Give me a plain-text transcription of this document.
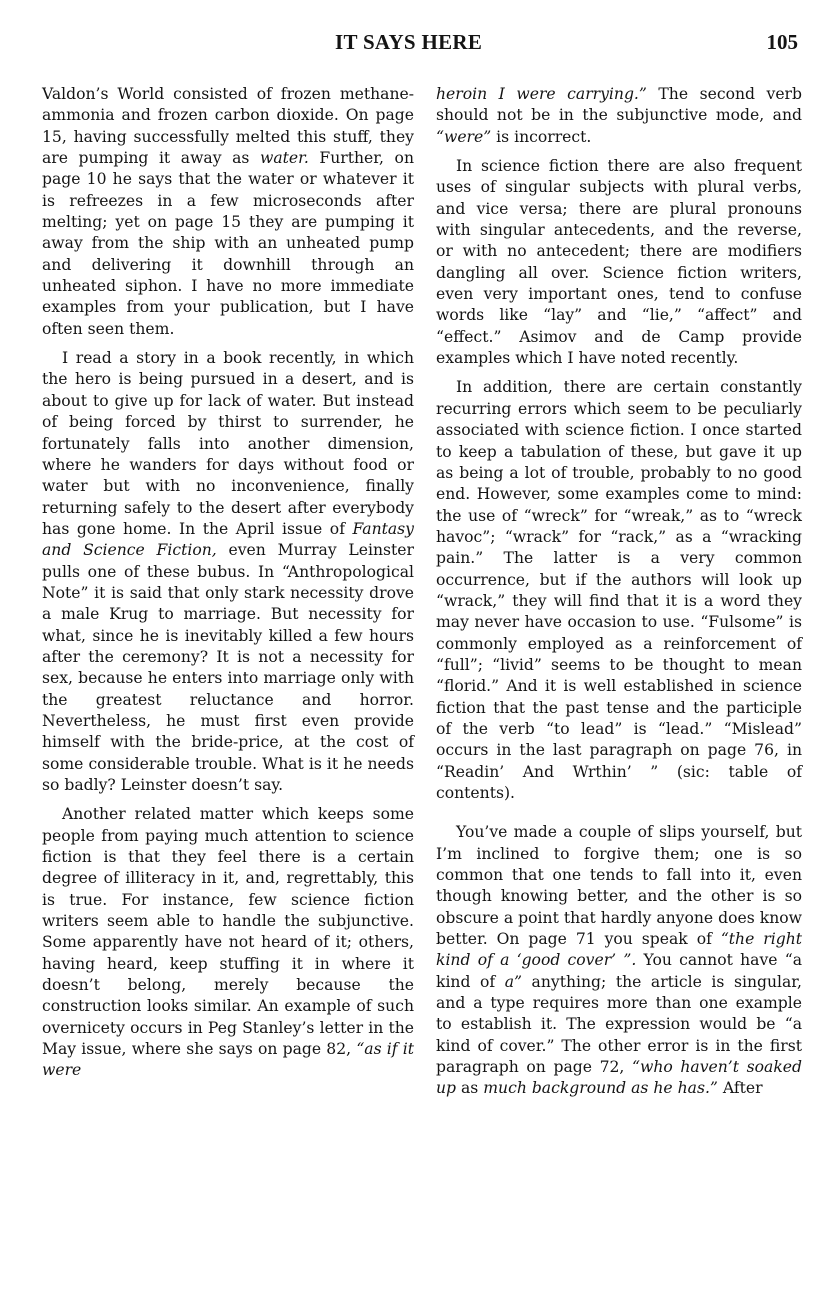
IT SAYS HERE	105

Valdon’s World consisted of frozen methane-ammonia and frozen carbon dioxide. On page 15, having successfully melted this stuff, they are pumping it away as water. Further, on page 10 he says that the water or whatever it is refreezes in a few microseconds after melting; yet on page 15 they are pumping it away from the ship with an unheated pump and delivering it downhill through an unheated siphon. I have no more immediate examples from your publication, but I have often seen them.

I read a story in a book recently, in which the hero is being pursued in a desert, and is about to give up for lack of water. But instead of being forced by thirst to surrender, he fortunately falls into another dimension, where he wanders for days without food or water but with no inconvenience, finally returning safely to the desert after everybody has gone home. In the April issue of Fantasy and Science Fiction, even Murray Leinster pulls one of these bubus. In “Anthropological Note” it is said that only stark necessity drove a male Krug to marriage. But necessity for what, since he is inevitably killed a few hours after the ceremony? It is not a necessity for sex, because he enters into marriage only with the greatest reluctance and horror. Nevertheless, he must first even provide himself with the bride-price, at the cost of some considerable trouble. What is it he needs so badly? Leinster doesn’t say.

Another related matter which keeps some people from paying much attention to science fiction is that they feel there is a certain degree of illiteracy in it, and, regrettably, this is true. For instance, few science fiction writers seem able to handle the subjunctive. Some apparently have not heard of it; others, having heard, keep stuffing it in where it doesn’t belong, merely because the construction looks similar. An example of such overnicety occurs in Peg Stanley’s letter in the May issue, where she says on page 82, “as if it were

heroin I were carrying.” The second verb should not be in the subjunctive mode, and “were” is incorrect.

In science fiction there are also frequent uses of singular subjects with plural verbs, and vice versa; there are plural pronouns with singular antecedents, and the reverse, or with no antecedent; there are modifiers dangling all over. Science fiction writers, even very important ones, tend to confuse words like “lay” and “lie,” “affect” and “effect.” Asimov and de Camp provide examples which I have noted recently.

In addition, there are certain constantly recurring errors which seem to be peculiarly associated with science fiction. I once started to keep a tabulation of these, but gave it up as being a lot of trouble, probably to no good end. However, some examples come to mind: the use of “wreck” for “wreak,” as to “wreck havoc”; “wrack” for “rack,” as a “wracking pain.” The latter is a very common occurrence, but if the authors will look up “wrack,” they will find that it is a word they may never have occasion to use. “Fulsome” is commonly employed as a reinforcement of “full”; “livid” seems to be thought to mean “florid.” And it is well established in science fiction that the past tense and the participle of the verb “to lead” is “lead.” “Mislead” occurs in the last paragraph on page 76, in “Readin’ And Wrthin’ ” (sic: table of contents).

You’ve made a couple of slips yourself, but I’m inclined to forgive them; one is so common that one tends to fall into it, even though knowing better, and the other is so obscure a point that hardly anyone does know better. On page 71 you speak of “the right kind of a ‘good cover’ ”. You cannot have “a kind of a” anything; the article is singular, and a type requires more than one example to establish it. The expression would be “a kind of cover.” The other error is in the first paragraph on page 72, “who haven’t soaked up as much background as he has.” After
